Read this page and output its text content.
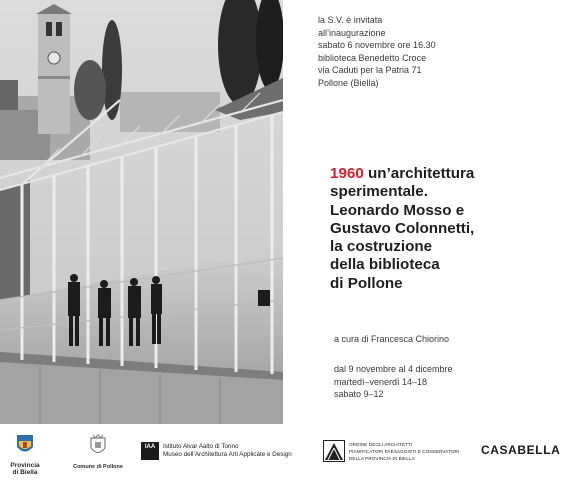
la S.V. è invitata
all’inaugurazione
sabato 6 novembre ore 16.30
biblioteca Benedetto Croce
via Caduti per la Patria 71
Pollone (Biella)
1960 un’architettura
sperimentale.
Leonardo Mosso e
Gustavo Colonnetti,
la costruzione
della biblioteca
di Pollone
a cura di Francesca Chiorino
dal 9 novembre al 4 dicembre
martedì–venerdì 14–18
sabato 9–12
Provincia
di Biella
Comune di Pollone
IAA	Istituto Alvar Aalto di Torino
Museo dell’Architettura Arti Applicate e Design
ORDINE DEGLI ARCHITETTI
PIANIFICATORI PAESAGGISTI E CONSERVATORI
DELLA PROVINCIA DI BIELLA
CASABELLA
